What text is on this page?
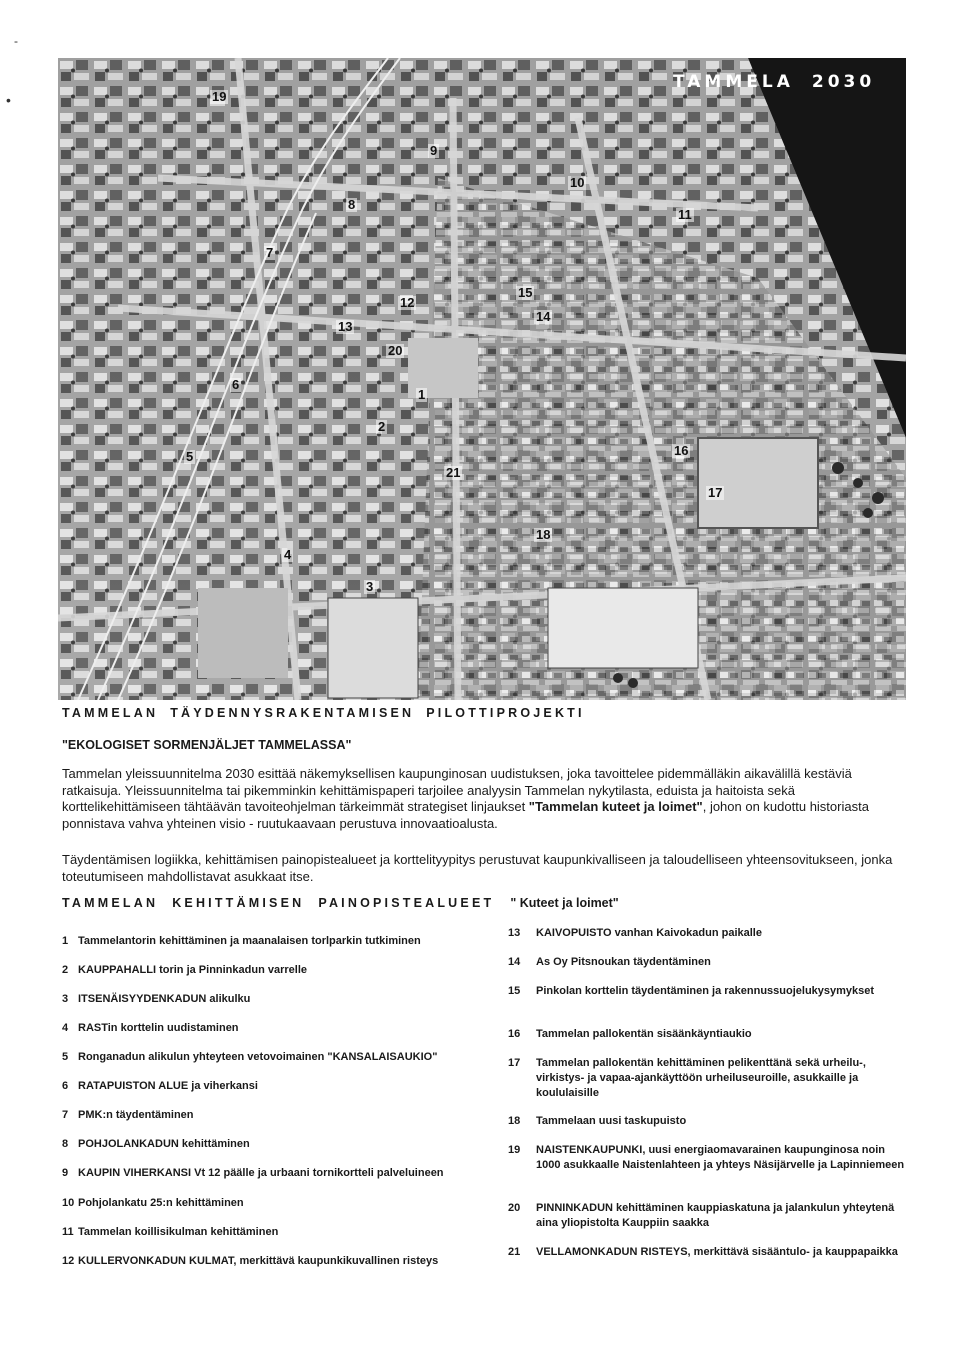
-
•
TAMMELA 2030
19
9
10
8
11
7
15
12
14
13
20
6
1
2
16
5
21
17
18
4
3
TAMMELAN TÄYDENNYSRAKENTAMISEN PILOTTIPROJEKTI
"EKOLOGISET SORMENJÄLJET TAMMELASSA"
Tammelan yleissuunnitelma 2030 esittää näkemyksellisen kaupunginosan uudistuksen, joka tavoittelee pidemmälläkin aikavälillä kestäviä ratkaisuja. Yleissuunnitelma tai pikemminkin kehittämispaperi tarjoilee analyysin Tammelan nykytilasta, eduista ja haitoista sekä korttelikehittämiseen tähtäävän tavoiteohjelman tärkeimmät strategiset linjaukset "Tammelan kuteet ja loimet", johon on kudottu historiasta ponnistava vahva yhteinen visio - ruutukaavaan perustuva innovaatioalusta.
Täydentämisen logiikka, kehittämisen painopistealueet ja korttelityypitys perustuvat kaupunkivalliseen ja taloudelliseen yhteensovitukseen, jonka toteutumiseen mahdollistavat asukkaat itse.
TAMMELAN KEHITTÄMISEN PAINOPISTEALUEET " Kuteet ja loimet"
1 Tammelantorin kehittäminen ja maanalaisen torlparkin tutkiminen
2 KAUPPAHALLI torin ja Pinninkadun varrelle
3 ITSENÄISYYDENKADUN alikulku
4 RASTin korttelin uudistaminen
5 Ronganadun alikulun yhteyteen vetovoimainen "KANSALAISAUKIO"
6 RATAPUISTON ALUE ja viherkansi
7 PMK:n täydentäminen
8 POHJOLANKADUN kehittäminen
9 KAUPIN VIHERKANSI Vt 12 päälle ja urbaani tornikortteli palveluineen
10 Pohjolankatu 25:n kehittäminen
11 Tammelan koillisikulman kehittäminen
12 KULLERVONKADUN KULMAT, merkittävä kaupunkikuvallinen risteys
13 KAIVOPUISTO vanhan Kaivokadun paikalle
14 As Oy Pitsnoukan täydentäminen
15 Pinkolan korttelin täydentäminen ja rakennussuojelukysymykset
16 Tammelan pallokentän sisäänkäyntiaukio
17 Tammelan pallokentän kehittäminen pelikenttänä sekä urheilu-, virkistys- ja vapaa-ajankäyttöön urheiluseuroille, asukkaille ja koululaisille
18 Tammelaan uusi taskupuisto
19 NAISTENKAUPUNKI, uusi energiaomavarainen kaupunginosa noin 1000 asukkaalle Naistenlahteen ja yhteys Näsijärvelle ja Lapinniemeen
20 PINNINKADUN kehittäminen kauppiaskatuna ja jalankulun yhteytenä aina yliopistolta Kauppiin saakka
21 VELLAMONKADUN RISTEYS, merkittävä sisääntulo- ja kauppapaikka
